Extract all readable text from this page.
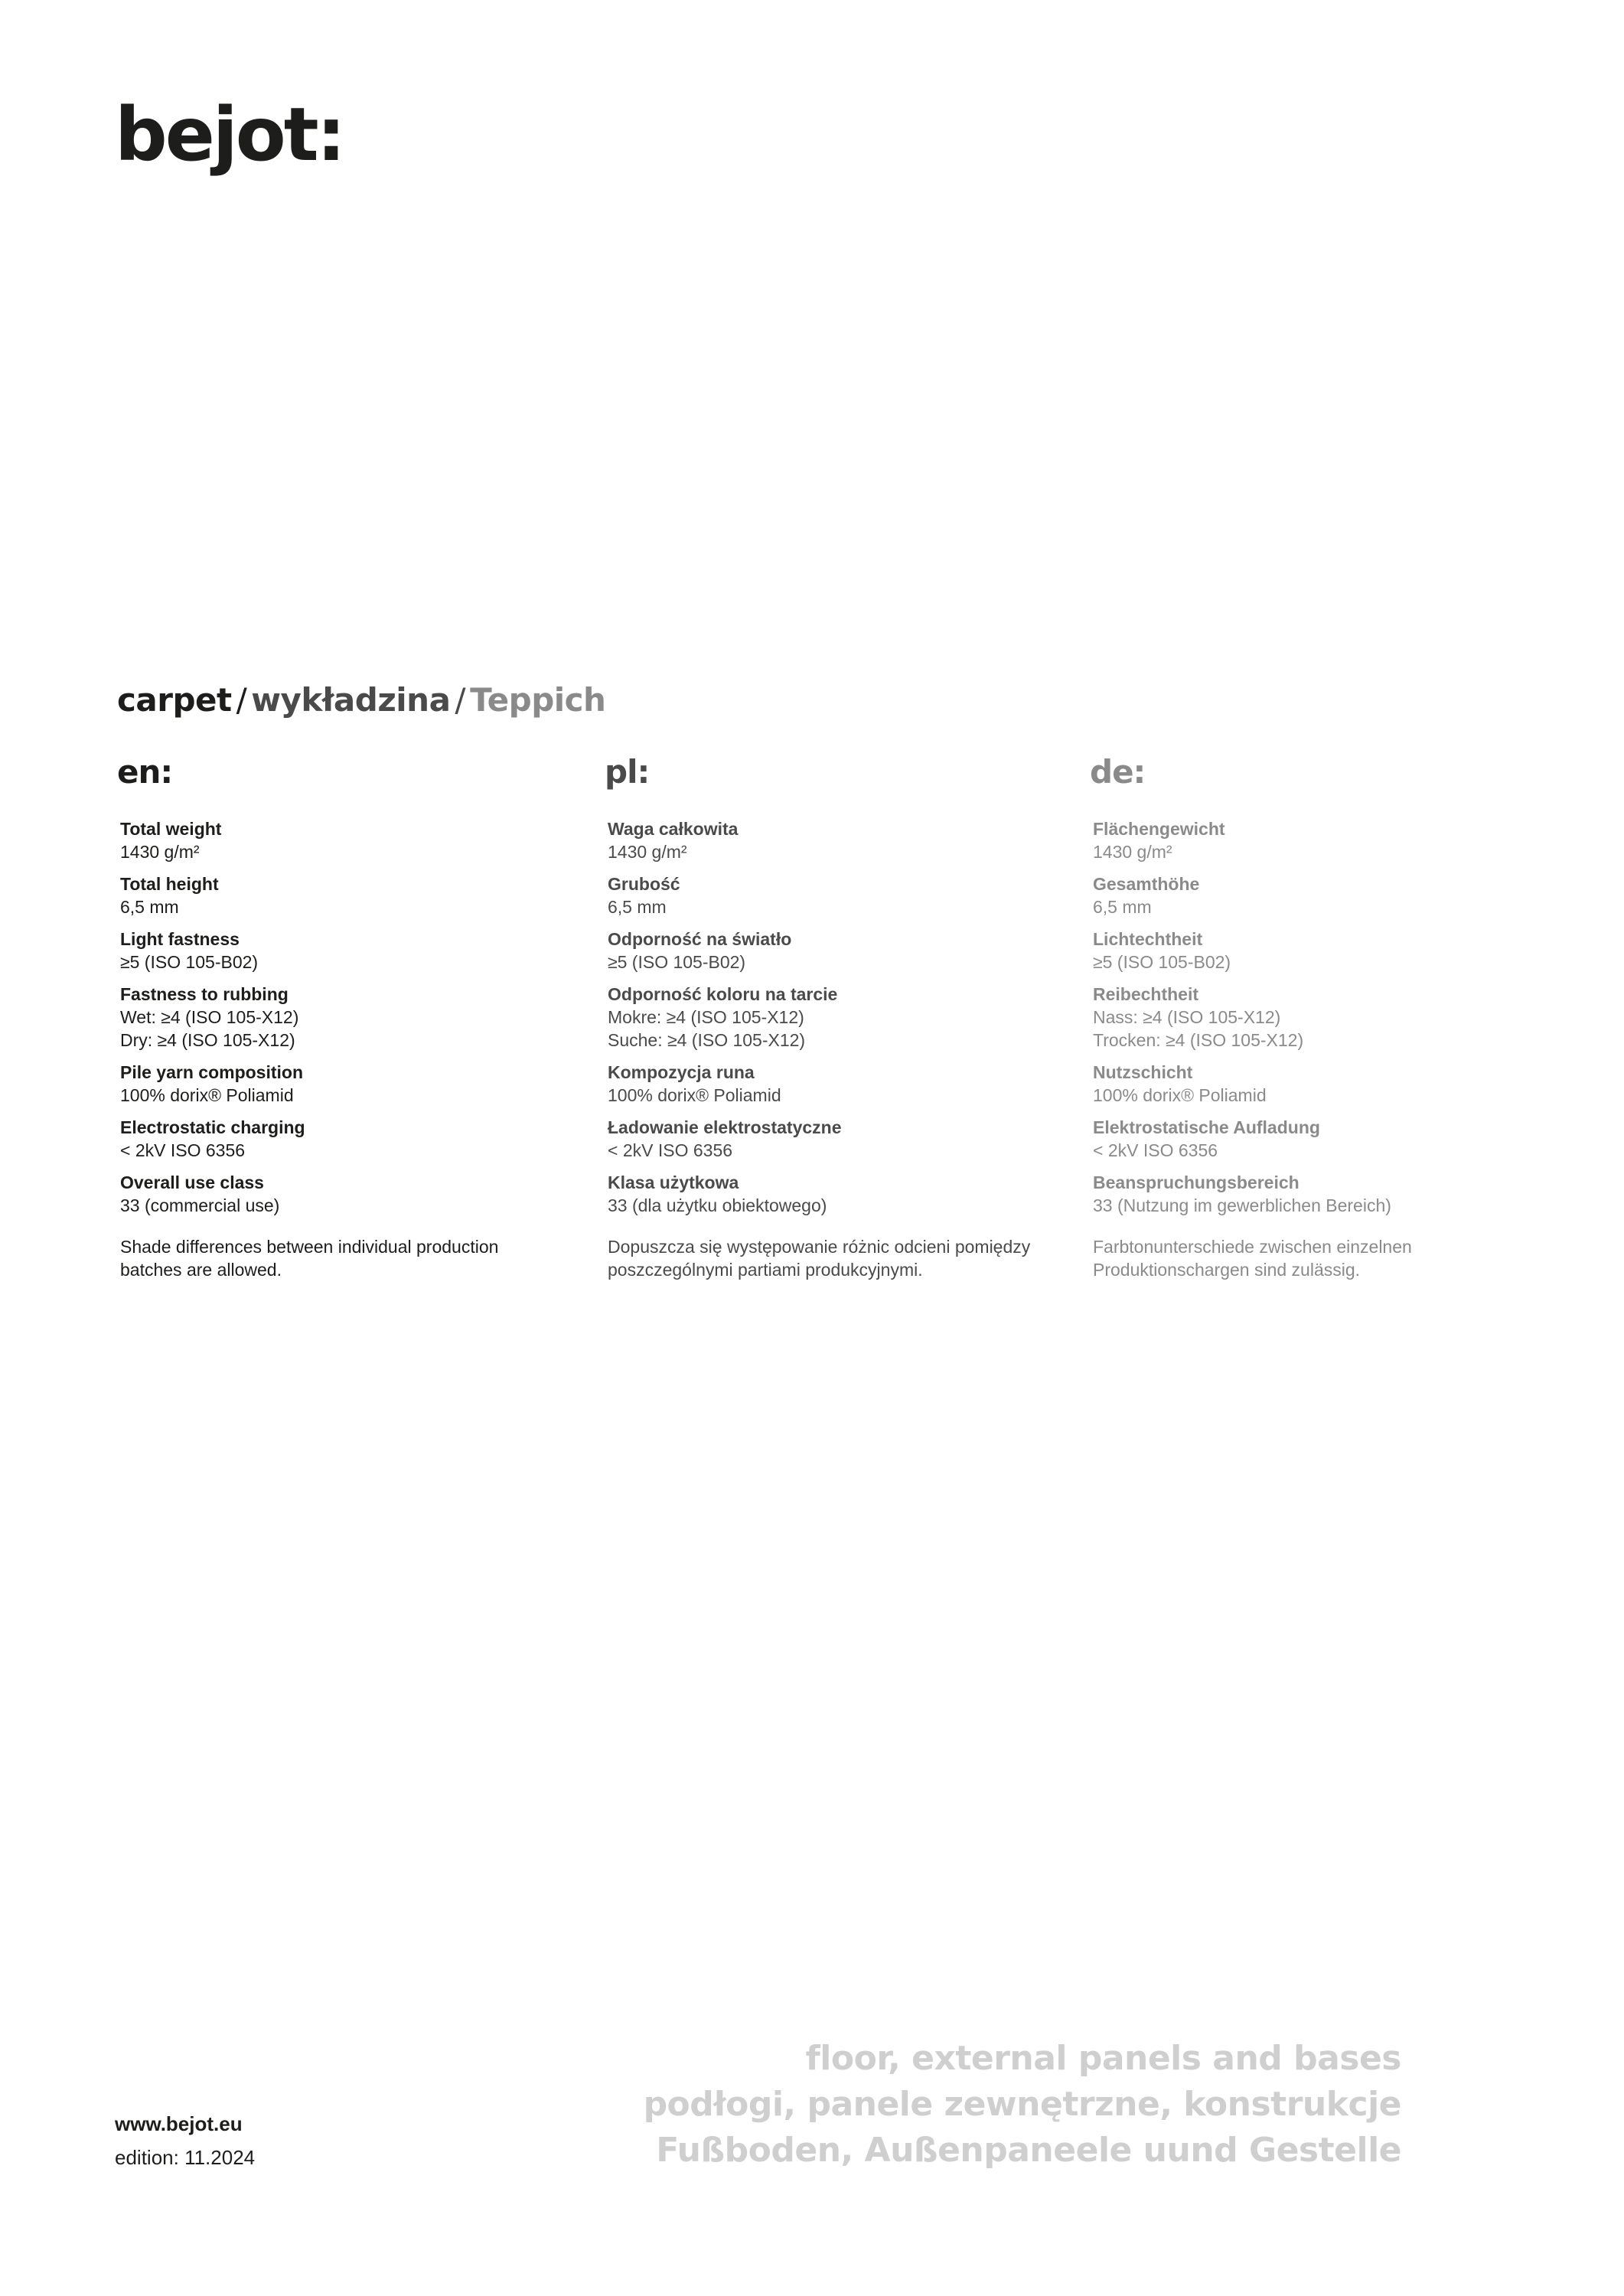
bejot:
carpet / wykładzina / Teppich
en:
Total weight
1430 g/m²
Total height
6,5 mm
Light fastness
≥5 (ISO 105-B02)
Fastness to rubbing
Wet: ≥4 (ISO 105-X12)
Dry: ≥4 (ISO 105-X12)
Pile yarn composition
100% dorix® Poliamid
Electrostatic charging
< 2kV ISO 6356
Overall use class
33 (commercial use)
Shade differences between individual production batches are allowed.
pl:
Waga całkowita
1430 g/m²
Grubość
6,5 mm
Odporność na światło
≥5 (ISO 105-B02)
Odporność koloru na tarcie
Mokre: ≥4 (ISO 105-X12)
Suche: ≥4 (ISO 105-X12)
Kompozycja runa
100% dorix® Poliamid
Ładowanie elektrostatyczne
< 2kV ISO 6356
Klasa użytkowa
33 (dla użytku obiektowego)
Dopuszcza się występowanie różnic odcieni pomiędzy poszczególnymi partiami produkcyjnymi.
de:
Flächengewicht
1430 g/m²
Gesamthöhe
6,5 mm
Lichtechtheit
≥5 (ISO 105-B02)
Reibechtheit
Nass: ≥4 (ISO 105-X12)
Trocken: ≥4 (ISO 105-X12)
Nutzschicht
100% dorix® Poliamid
Elektrostatische Aufladung
< 2kV ISO 6356
Beanspruchungsbereich
33 (Nutzung im gewerblichen Bereich)
Farbtonunterschiede zwischen einzelnen Produktionschargen sind zulässig.
www.bejot.eu
edition: 11.2024
floor, external panels and bases
podłogi, panele zewnętrzne, konstrukcje
Fußboden, Außenpaneele uund Gestelle
